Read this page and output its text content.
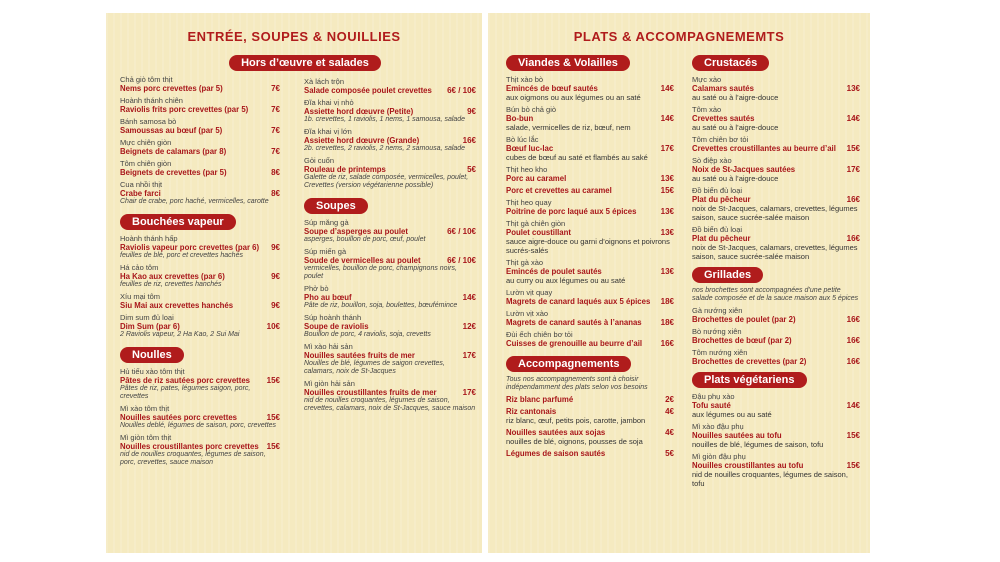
ENTRÉE, SOUPES & NOUILLIES
Hors d’œuvre et salades
Chả giò tôm thịt
Nems porc crevettes (par 5)	7€
Hoành thánh chiên
Raviolis frits porc crevettes (par 5)	7€
Bánh samosa bò
Samoussas au bœuf (par 5)	7€
Mực chiên giòn
Beignets de calamars (par 8)	7€
Tôm chiên giòn
Beignets de crevettes (par 5)	8€
Cua nhồi thịt
Crabe farci	8€
Chair de crabe, porc haché, vermicelles, carotte
Bouchées vapeur
Hoành thánh hấp
Raviolis vapeur porc crevettes (par 6) 9€
feuilles de blé, porc et crevettes hachés
Há cảo tôm
Ha Kao aux crevettes (par 6)	9€
feuilles de riz, crevettes hanchés
Xíu mại tôm
Siu Mai aux crevettes hanchés	9€
Dim sum đủ loại
Dim Sum (par 6)	10€
2 Raviolis vapeur, 2 Ha Kao, 2 Sui Mai
Noulles
Hủ tiếu xào tôm thịt
Pâtes de riz sautées porc crevettes 15€
Pâtes de riz, pates, légumes saigon, porc, crevettes
Mì xào tôm thịt
Nouilles sautées porc crevettes	15€
Nouilles deblé, légumes de saison, porc, crevettes
Mì giòn tôm thịt
Nouilles croustillantes porc crevettes 15€
nid de nouilles croquantes, légumes de saison, porc, crevettes, sauce maison
Xà lách trộn
Salade composée poulet crevettes 6€ / 10€
Đĩa khai vị nhỏ
Assiette hord dœuvre (Petite)	9€
1b. crevettes, 1 raviolis, 1 nems, 1 samousa, salade
Đĩa khai vị lớn
Assiette hord dœuvre (Grande)	16€
2b. crevettes, 2 raviolis, 2 nems, 2 samousa, salade
Gỏi cuốn
Rouleau de printemps	5€
Galette de riz, salade composée, vermicelles, poulet, Crevettes (version végétarienne possible)
Soupes
Súp măng gà
Soupe d’asperges au poulet	6€ / 10€
asperges, bouillon de porc, œuf, poulet
Súp miến gà
Soude de vermicelles au poulet	6€ / 10€
vermicelles, bouillon de porc, champignons noirs, poulet
Phở bò
Pho au bœuf	14€
Pâte de riz, bouillon, soja, boulettes, bœufémince
Súp hoành thánh
Soupe de raviolis	12€
Bouillon de porc, 4 raviolis, soja, crevetts
Mì xào hải sản
Nouilles sautées fruits de mer	17€
Nouilles de blé, légumes de saigon crevettes, calamars, noix de St-Jacques
Mì giòn hải sản
Nouilles croustillantes fruits de mer	17€
nid de nouilles croquantes, légumes de saison, crevettes, calamars, noix de St-Jacques, sauce maison
PLATS & ACCOMPAGNEMEMTS
Viandes & Volailles
Thịt xào bò
Emincés de bœuf sautés	14€
aux oigmons ou aux légumes ou an saté
Bún bò chả giò
Bo-bun	14€
salade, vermicelles de riz, bœuf, nem
Bò lúc lắc
Bœuf luc-lac	17€
cubes de bœuf au saté et flambés au saké
Thịt heo kho
Porc au caramel	13€
Porc et crevettes au caramel	15€
Thịt heo quay
Poitrine de porc laqué aux 5 épices	13€
Thịt gà chiên giòn
Poulet coustillant	13€
sauce aigre-douce ou garni d’oignons et poivrons sucrés-salés
Thịt gà xào
Emincés de poulet sautés	13€
au curry ou aux légumes ou au saté
Lườn vịt quay
Magrets de canard laqués aux 5 épices 18€
Lườn vịt xào
Magrets de canard sautés à l’ananas 18€
Đùi ếch chiên bơ tỏi
Cuisses de grenouille au beurre d’ail 16€
Accompagnements
Tous nos accompagnements sont à choisir indépendamment des plats selon vos besoins
Riz blanc parfumé	2€
Riz cantonais	4€
riz blanc, œuf, petits pois, carotte, jambon
Nouilles sautées aux sojas	4€
nouilles de blé, oignons, pousses de soja
Légumes de saison sautés	5€
Crustacés
Mực xào
Calamars sautés	13€
au saté ou à l’aigre-douce
Tôm xào
Crevettes sautés	14€
au saté ou à l’aigre-douce
Tôm chiên bơ tỏi
Crevettes croustillantes au beurre d’ail 15€
Sò điệp xào
Noix de St-Jacques sautées	17€
au saté ou à l’aigre-douce
Đồ biển đủ loại
Plat du pêcheur	16€
noix de St-Jacques, calamars, crevettes, légumes saison, sauce sucrée-salée maison
Đồ biển đủ loại
Plat du pêcheur	16€
noix de St-Jacques, calamars, crevettes, légumes saison, sauce sucrée-salée maison
Grillades
nos brochettes sont accompagnées d’une petite salade composée et de la sauce maison aux 5 épices
Gà nướng xiên
Brochettes de poulet (par 2)	16€
Bò nướng xiên
Brochettes de bœuf (par 2)	16€
Tôm nướng xiên
Brochettes de crevettes (par 2)	16€
Plats végétariens
Đậu phụ xào
Tofu sauté	14€
aux légumes ou au saté
Mì xào đậu phụ
Nouilles sautées au tofu	15€
nouilles de blé, légumes de saison, tofu
Mì giòn đậu phụ
Nouilles croustillantes au tofu	15€
nid de nouilles croquantes, légumes de saison, tofu
